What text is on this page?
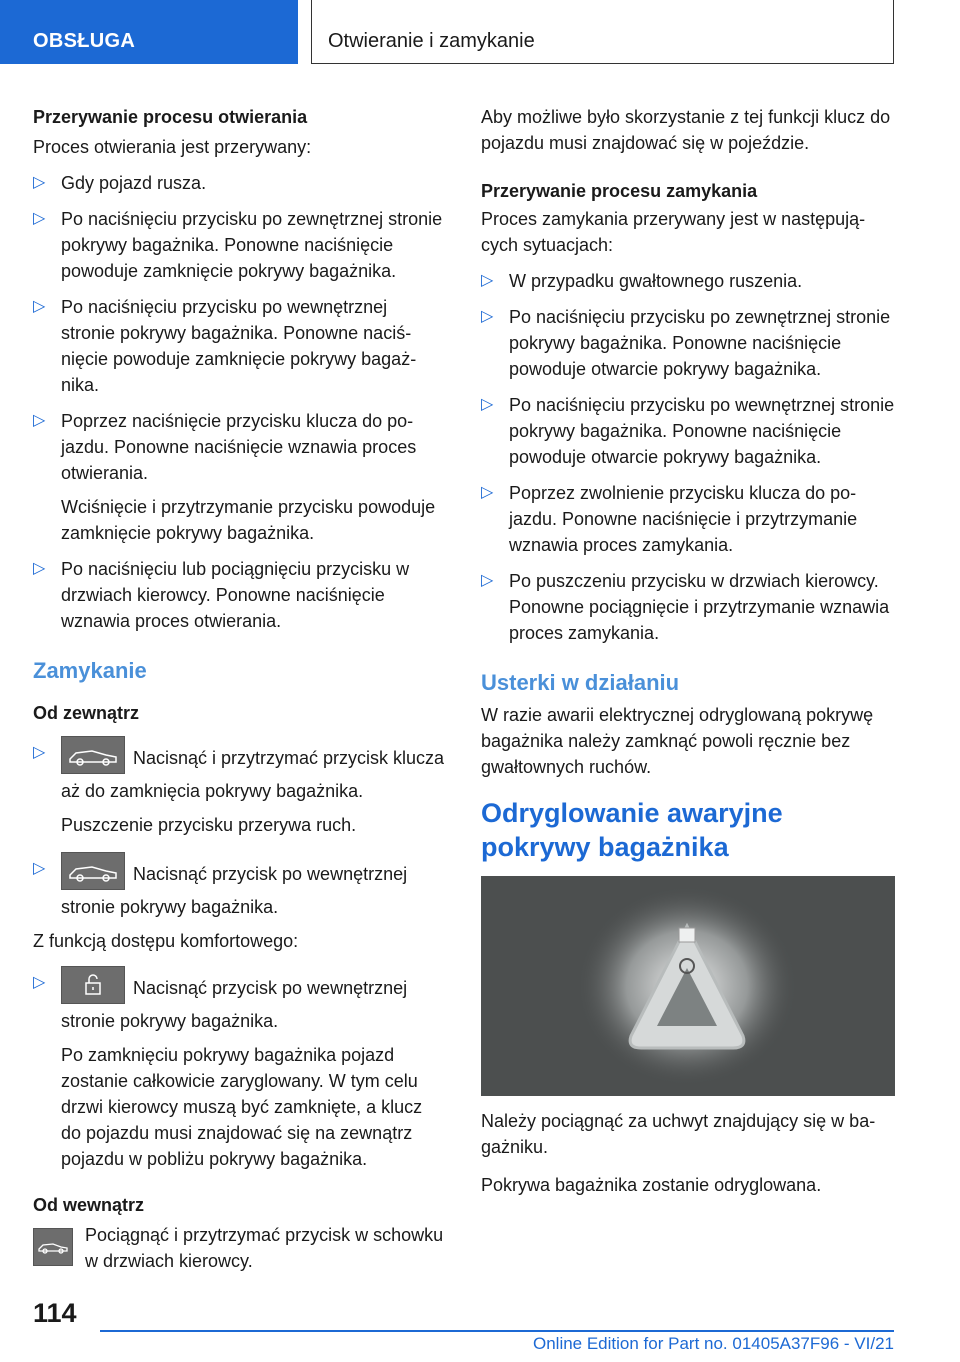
OBSŁUGA	Otwieranie i zamykanie

Przerywanie procesu otwierania

Proces otwierania jest przerywany:

▷ Gdy pojazd rusza.
▷ Po naciśnięciu przycisku po zewnętrznej stronie pokrywy bagażnika. Ponowne naciśnięcie powoduje zamknięcie pokrywy bagażnika.
▷ Po naciśnięciu przycisku po wewnętrznej stronie pokrywy bagażnika. Ponowne naciśnięcie powoduje zamknięcie pokrywy bagażnika.
▷ Poprzez naciśnięcie przycisku klucza do pojazdu. Ponowne naciśnięcie wznawia proces otwierania.

Wciśnięcie i przytrzymanie przycisku powoduje zamknięcie pokrywy bagażnika.

▷ Po naciśnięciu lub pociągnięciu przycisku w drzwiach kierowcy. Ponowne naciśnięcie wznawia proces otwierania.
Zamykanie

Od zewnątrz

▷	Nacisnąć i przytrzymać przycisk klucza aż do zamknięcia pokrywy bagażnika.

Puszczenie przycisku przerywa ruch.

▷	Nacisnąć przycisk po wewnętrznej stronie pokrywy bagażnika.

Z funkcją dostępu komfortowego:

▷	Nacisnąć przycisk po wewnętrznej stronie pokrywy bagażnika.

Po zamknięciu pokrywy bagażnika pojazd zostanie całkowicie zaryglowany. W tym celu drzwi kierowcy muszą być zamknięte, a klucz do pojazdu musi znajdować się na zewnątrz pojazdu w pobliżu pokrywy bagażnika.

Od wewnątrz

Pociągnąć i przytrzymać przycisk w schowku w drzwiach kierowcy.

Aby możliwe było skorzystanie z tej funkcji klucz do pojazdu musi znajdować się w pojeździe.

Przerywanie procesu zamykania

Proces zamykania przerywany jest w następujących sytuacjach:

▷ W przypadku gwałtownego ruszenia.
▷ Po naciśnięciu przycisku po zewnętrznej stronie pokrywy bagażnika. Ponowne naciśnięcie powoduje otwarcie pokrywy bagażnika.
▷ Po naciśnięciu przycisku po wewnętrznej stronie pokrywy bagażnika. Ponowne naciśnięcie powoduje otwarcie pokrywy bagażnika.
▷ Poprzez zwolnienie przycisku klucza do pojazdu. Ponowne naciśnięcie i przytrzymanie wznawia proces zamykania.
▷ Po puszczeniu przycisku w drzwiach kierowcy. Ponowne pociągnięcie i przytrzymanie wznawia proces zamykania.
Usterki w działaniu

W razie awarii elektrycznej odryglowaną pokrywę bagażnika należy zamknąć powoli ręcznie bez gwałtownych ruchów.

Odryglowanie awaryjne pokrywy bagażnika

Należy pociągnąć za uchwyt znajdujący się w bagażniku.

Pokrywa bagażnika zostanie odryglowana.

114
Online Edition for Part no. 01405A37F96 - VI/21
